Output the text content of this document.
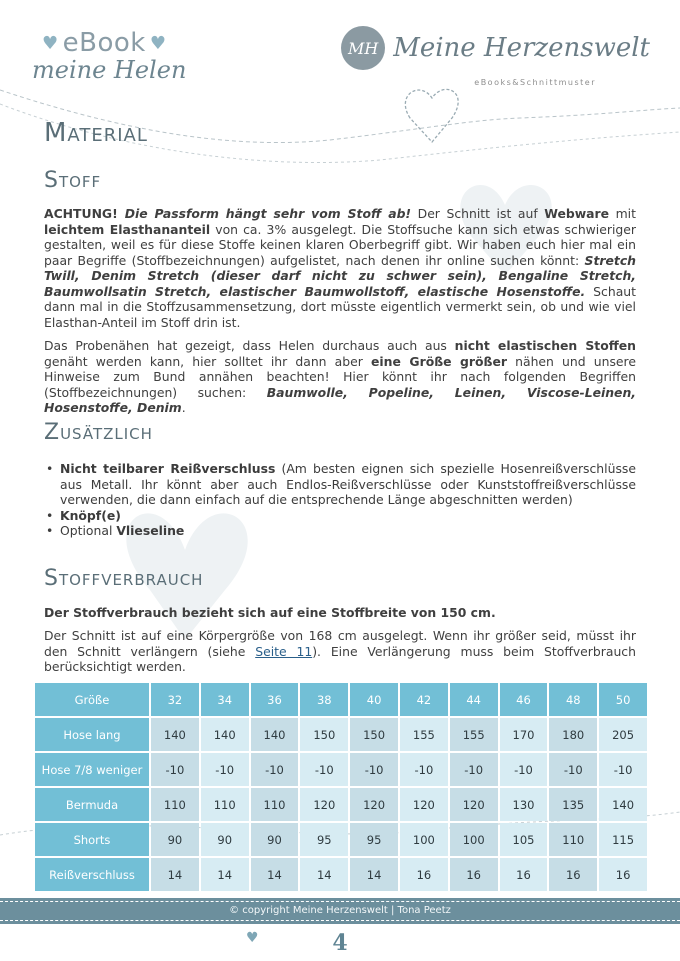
♥ eBook ♥
meine Helen
MH Meine Herzenswelt
eBooks&Schnittmuster
Material
Stoff

ACHTUNG! Die Passform hängt sehr vom Stoff ab! Der Schnitt ist auf Webware mit leichtem Elasthananteil von ca. 3% ausgelegt. Die Stoffsuche kann sich etwas schwieriger gestalten, weil es für diese Stoffe keinen klaren Oberbegriff gibt. Wir haben euch hier mal ein paar Begriffe (Stoffbezeichnungen) aufgelistet, nach denen ihr online suchen könnt: Stretch Twill, Denim Stretch (dieser darf nicht zu schwer sein), Bengaline Stretch, Baumwollsatin Stretch, elastischer Baumwollstoff, elastische Hosenstoffe. Schaut dann mal in die Stoffzusammensetzung, dort müsste eigentlich vermerkt sein, ob und wie viel Elasthan-Anteil im Stoff drin ist.

Das Probenähen hat gezeigt, dass Helen durchaus auch aus nicht elastischen Stoffen genäht werden kann, hier solltet ihr dann aber eine Größe größer nähen und unsere Hinweise zum Bund annähen beachten! Hier könnt ihr nach folgenden Begriffen (Stoffbezeichnungen) suchen: Baumwolle, Popeline, Leinen, Viscose-Leinen, Hosenstoffe, Denim.

Zusätzlich
• Nicht teilbarer Reißverschluss (Am besten eignen sich spezielle Hosenreißverschlüsse aus Metall. Ihr könnt aber auch Endlos-Reißverschlüsse oder Kunststoffreißverschlüsse verwenden, die dann einfach auf die entsprechende Länge abgeschnitten werden)
• Knöpf(e)
• Optional Vlieseline
Stoffverbrauch
Der Stoffverbrauch bezieht sich auf eine Stoffbreite von 150 cm.

Der Schnitt ist auf eine Körpergröße von 168 cm ausgelegt. Wenn ihr größer seid, müsst ihr den Schnitt verlängern (siehe Seite 11). Eine Verlängerung muss beim Stoffverbrauch berücksichtigt werden.

Größe	32	34	36	38	40	42	44	46	48	50
Hose lang	140	140	140	150	150	155	155	170	180	205
Hose 7/8 weniger	-10	-10	-10	-10	-10	-10	-10	-10	-10	-10
Bermuda	110	110	110	120	120	120	120	130	135	140
Shorts	90	90	90	95	95	100	100	105	110	115
Reißverschluss	14	14	14	14	14	16	16	16	16	16
© copyright Meine Herzenswelt | Tona Peetz
♥	4
